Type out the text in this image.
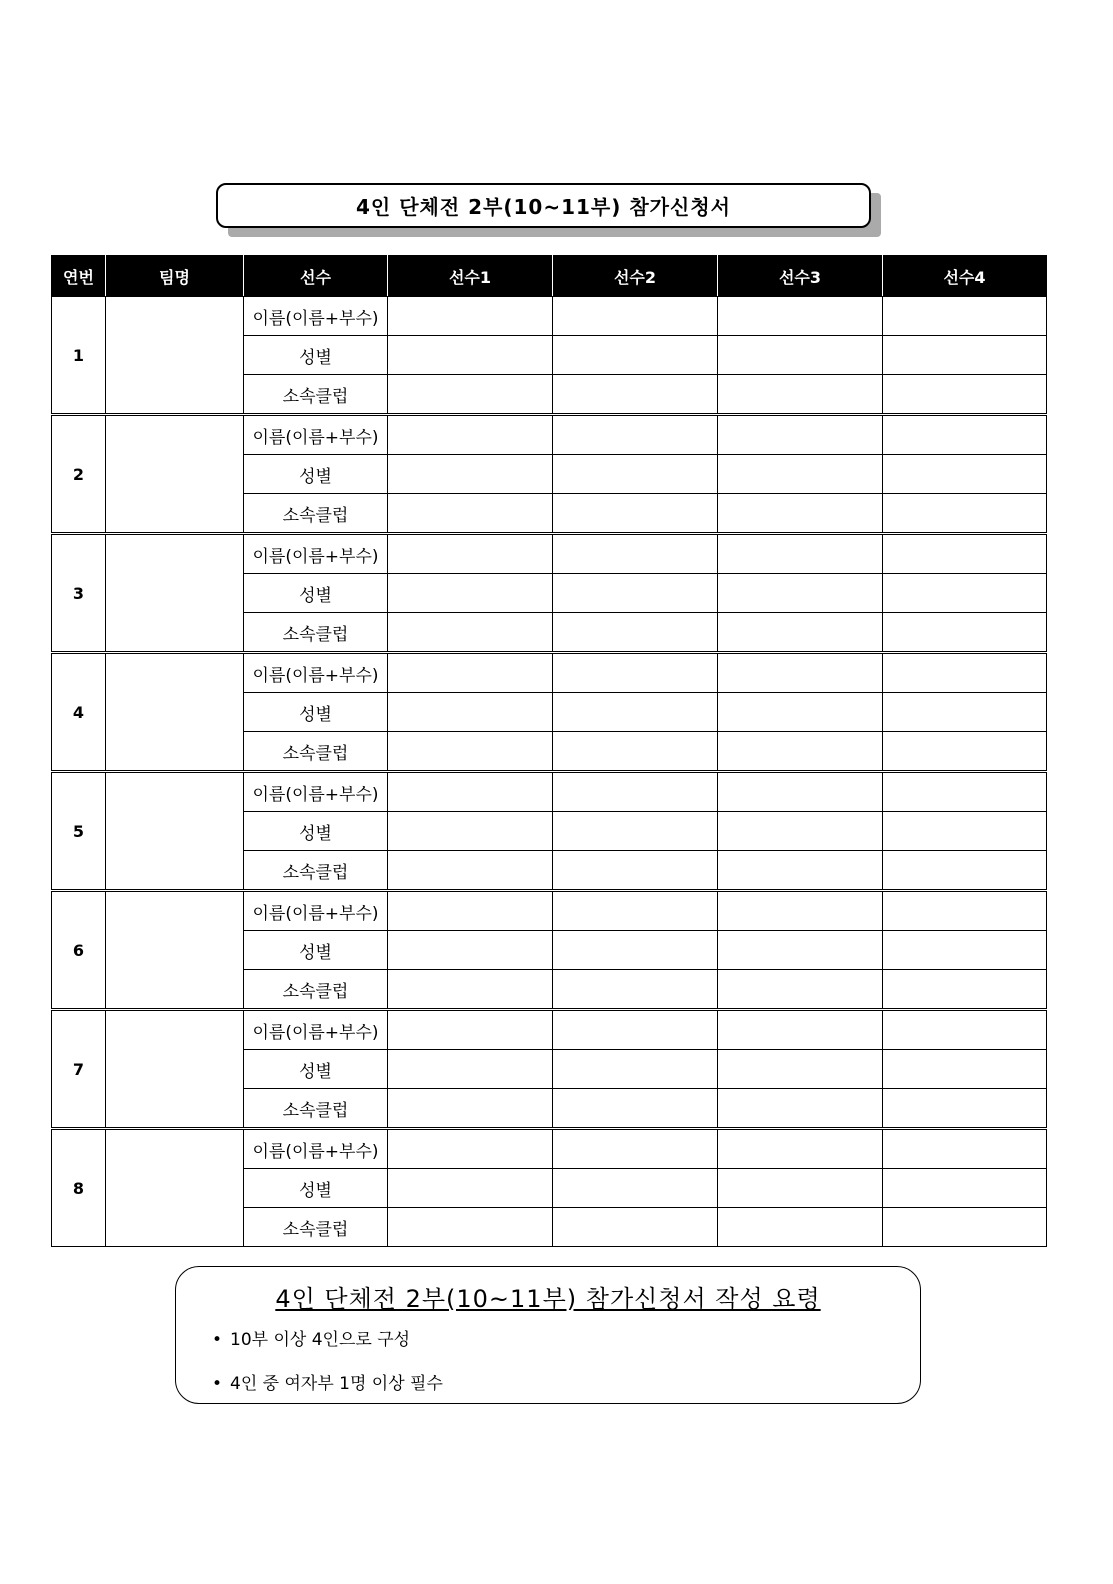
4인 단체전 2부(10~11부) 참가신청서
연번	팀명	선수	선수1	선수2	선수3	선수4
1		이름(이름+부수)				
		성별				
		소속클럽				
2		이름(이름+부수)				
		성별				
		소속클럽				
3		이름(이름+부수)				
		성별				
		소속클럽				
4		이름(이름+부수)				
		성별				
		소속클럽				
5		이름(이름+부수)				
		성별				
		소속클럽				
6		이름(이름+부수)				
		성별				
		소속클럽				
7		이름(이름+부수)				
		성별				
		소속클럽				
8		이름(이름+부수)				
		성별				
		소속클럽				
4인 단체전 2부(10~11부) 참가신청서 작성 요령
• 10부 이상 4인으로 구성
• 4인 중 여자부 1명 이상 필수
